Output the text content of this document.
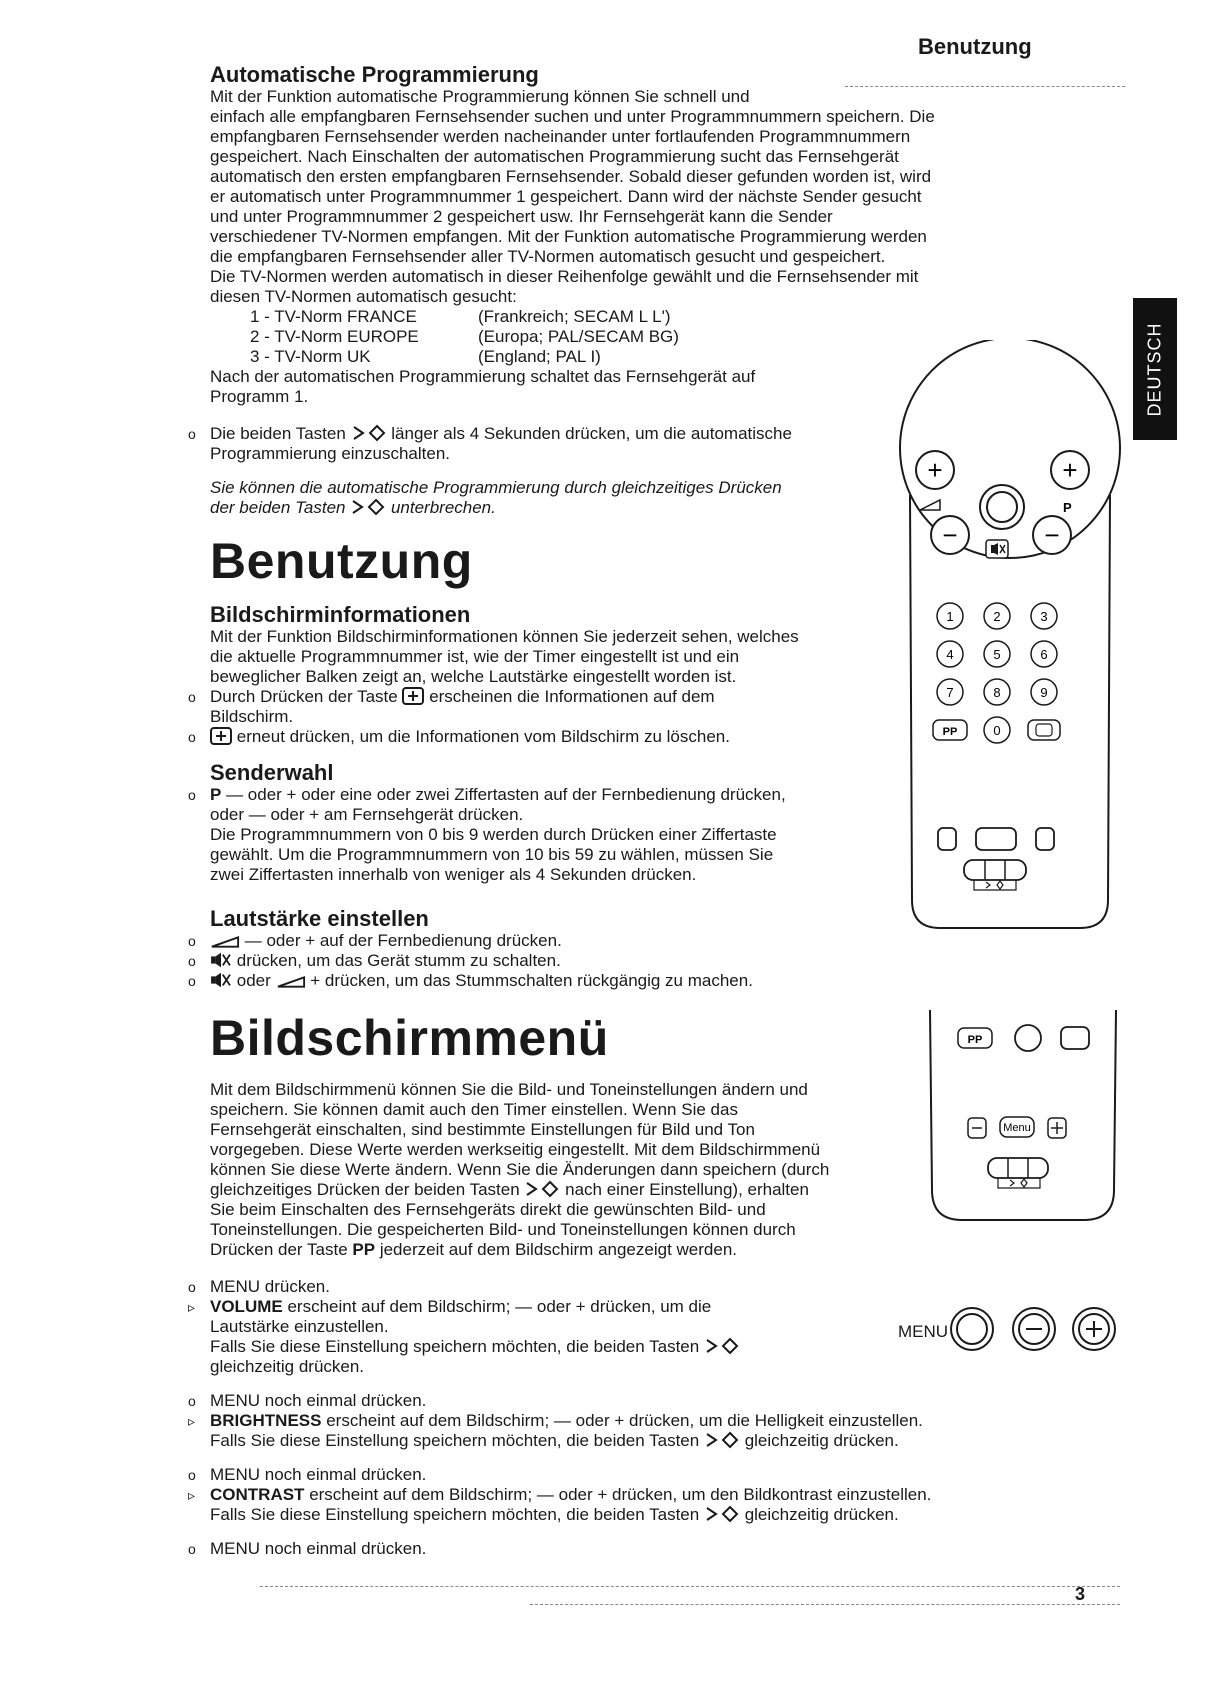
Benutzung
Automatische Programmierung

Mit der Funktion automatische Programmierung können Sie schnell und

einfach alle empfangbaren Fernsehsender suchen und unter Programmnummern speichern. Die

empfangbaren Fernsehsender werden nacheinander unter fortlaufenden Programmnummern

gespeichert. Nach Einschalten der automatischen Programmierung sucht das Fernsehgerät

automatisch den ersten empfangbaren Fernsehsender. Sobald dieser gefunden worden ist, wird

er automatisch unter Programmnummer 1 gespeichert. Dann wird der nächste Sender gesucht

und unter Programmnummer 2 gespeichert usw. Ihr Fernsehgerät kann die Sender

verschiedener TV-Normen empfangen. Mit der Funktion automatische Programmierung werden

die empfangbaren Fernsehsender aller TV-Normen automatisch gesucht und gespeichert.

Die TV-Normen werden automatisch in dieser Reihenfolge gewählt und die Fernsehsender mit

diesen TV-Normen automatisch gesucht:

1 - TV-Norm FRANCE	(Frankreich; SECAM L L')
2 - TV-Norm EUROPE	(Europa; PAL/SECAM BG)
3 - TV-Norm UK	(England; PAL I)

Nach der automatischen Programmierung schaltet das Fernsehgerät auf

Programm 1.

o Die beiden Tasten	länger als 4 Sekunden drücken, um die automatische
Programmierung einzuschalten.
Sie können die automatische Programmierung durch gleichzeitiges Drücken
der beiden Tasten	unterbrechen.
Benutzung
Bildschirminformationen

Mit der Funktion Bildschirminformationen können Sie jederzeit sehen, welches

die aktuelle Programmnummer ist, wie der Timer eingestellt ist und ein

beweglicher Balken zeigt an, welche Lautstärke eingestellt worden ist.

o Durch Drücken der Taste erscheinen die Informationen auf dem
Bildschirm.
o erneut drücken, um die Informationen vom Bildschirm zu löschen.
Senderwahl
o P — oder + oder eine oder zwei Ziffertasten auf der Fernbedienung drücken,
oder — oder + am Fernsehgerät drücken.
Die Programmnummern von 0 bis 9 werden durch Drücken einer Ziffertaste
gewählt. Um die Programmnummern von 10 bis 59 zu wählen, müssen Sie
zwei Ziffertasten innerhalb von weniger als 4 Sekunden drücken.
Lautstärke einstellen
o	— oder + auf der Fernbedienung drücken.
o drücken, um das Gerät stumm zu schalten.
o oder + drücken, um das Stummschalten rückgängig zu machen.
Bildschirmmenü

Mit dem Bildschirmmenü können Sie die Bild- und Toneinstellungen ändern und

speichern. Sie können damit auch den Timer einstellen. Wenn Sie das

Fernsehgerät einschalten, sind bestimmte Einstellungen für Bild und Ton

vorgegeben. Diese Werte werden werkseitig eingestellt. Mit dem Bildschirmmenü

können Sie diese Werte ändern. Wenn Sie die Änderungen dann speichern (durch

gleichzeitiges Drücken der beiden Tasten	nach einer Einstellung), erhalten

Sie beim Einschalten des Fernsehgeräts direkt die gewünschten Bild- und

Toneinstellungen. Die gespeicherten Bild- und Toneinstellungen können durch

Drücken der Taste PP jederzeit auf dem Bildschirm angezeigt werden.

o MENU drücken.
▹ VOLUME erscheint auf dem Bildschirm; — oder + drücken, um die
Lautstärke einzustellen.
Falls Sie diese Einstellung speichern möchten, die beiden Tasten
gleichzeitig drücken.
o MENU noch einmal drücken.
▹ BRIGHTNESS erscheint auf dem Bildschirm; — oder + drücken, um die Helligkeit einzustellen.
Falls Sie diese Einstellung speichern möchten, die beiden Tasten	gleichzeitig drücken.
o MENU noch einmal drücken.
▹ CONTRAST erscheint auf dem Bildschirm; — oder + drücken, um den Bildkontrast einzustellen.
Falls Sie diese Einstellung speichern möchten, die beiden Tasten	gleichzeitig drücken.
o MENU noch einmal drücken.
DEUTSCH
+	+
−	−
P
1	2	3
4	5	6
7	8	9
PP	0
PP
Menu
MENU
3
